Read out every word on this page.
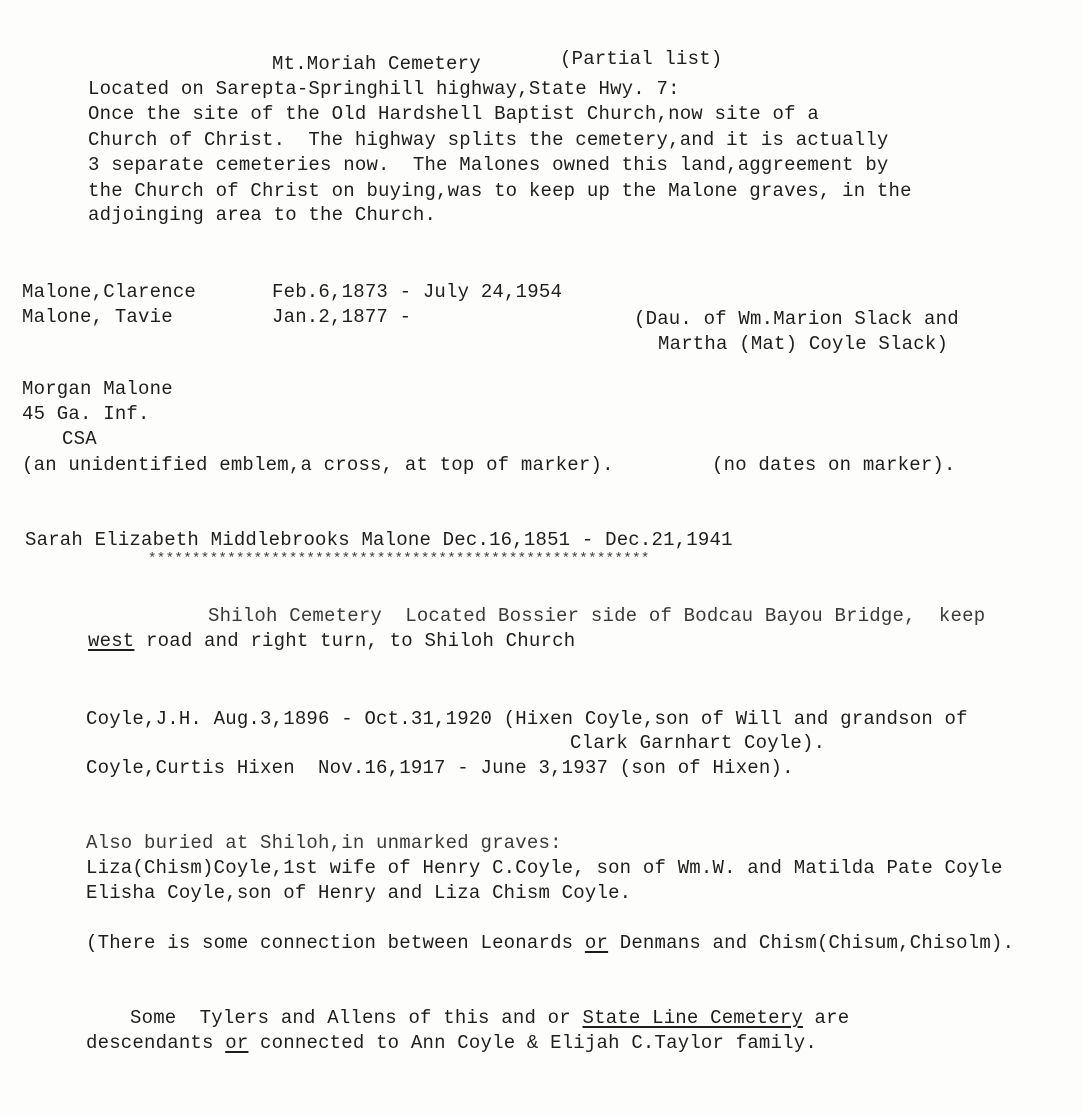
Mt.Moriah Cemetery	(Partial list)
Located on Sarepta-Springhill highway,State Hwy. 7:
Once the site of the Old Hardshell Baptist Church,now site of a
Church of Christ.  The highway splits the cemetery,and it is actually
3 separate cemeteries now.  The Malones owned this land,aggreement by
the Church of Christ on buying,was to keep up the Malone graves, in the
adjoinging area to the Church.
Malone,Clarence	Feb.6,1873 - July 24,1954
Malone, Tavie	Jan.2,1877 -	(Dau. of Wm.Marion Slack and
Martha (Mat) Coyle Slack)
Morgan Malone
45 Ga. Inf.
CSA
(an unidentified emblem,a cross, at top of marker).	(no dates on marker).
Sarah Elizabeth Middlebrooks Malone Dec.16,1851 - Dec.21,1941
*********************************************************
Shiloh Cemetery  Located Bossier side of Bodcau Bayou Bridge,  keep
west road and right turn, to Shiloh Church
Coyle,J.H. Aug.3,1896 - Oct.31,1920 (Hixen Coyle,son of Will and grandson of
Clark Garnhart Coyle).
Coyle,Curtis Hixen  Nov.16,1917 - June 3,1937 (son of Hixen).
Also buried at Shiloh,in unmarked graves:
Liza(Chism)Coyle,1st wife of Henry C.Coyle, son of Wm.W. and Matilda Pate Coyle
Elisha Coyle,son of Henry and Liza Chism Coyle.
(There is some connection between Leonards or Denmans and Chism(Chisum,Chisolm).
Some  Tylers and Allens of this and or State Line Cemetery are
descendants or connected to Ann Coyle & Elijah C.Taylor family.
